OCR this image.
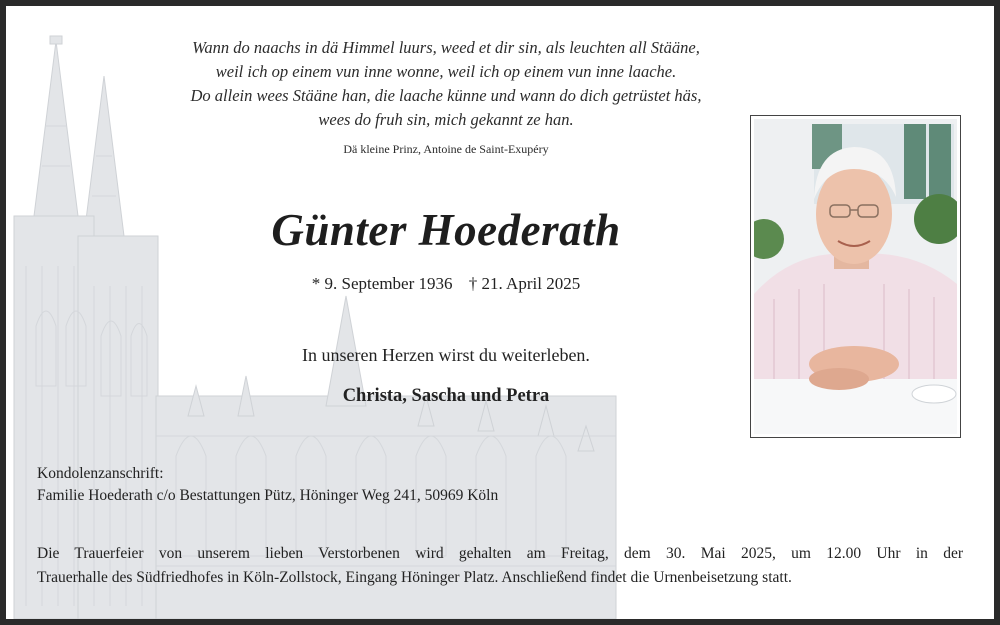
Wann do naachs in dä Himmel luurs, weed et dir sin, als leuchten all Stääne,
weil ich op einem vun inne wonne, weil ich op einem vun inne laache.
Do allein wees Stääne han, die laache künne und wann do dich getrüstet häs,
wees do fruh sin, mich gekannt ze han.
Dä kleine Prinz, Antoine de Saint-Exupéry
Günter Hoederath
* 9. September 1936 † 21. April 2025
In unseren Herzen wirst du weiterleben.
Christa, Sascha und Petra
Kondolenzanschrift:
Familie Hoederath c/o Bestattungen Pütz, Höninger Weg 241, 50969 Köln
Die Trauerfeier von unserem lieben Verstorbenen wird gehalten am Freitag, dem 30. Mai 2025, um 12.00 Uhr in der
Trauerhalle des Südfriedhofes in Köln-Zollstock, Eingang Höninger Platz. Anschließend findet die Urnenbeisetzung statt.
